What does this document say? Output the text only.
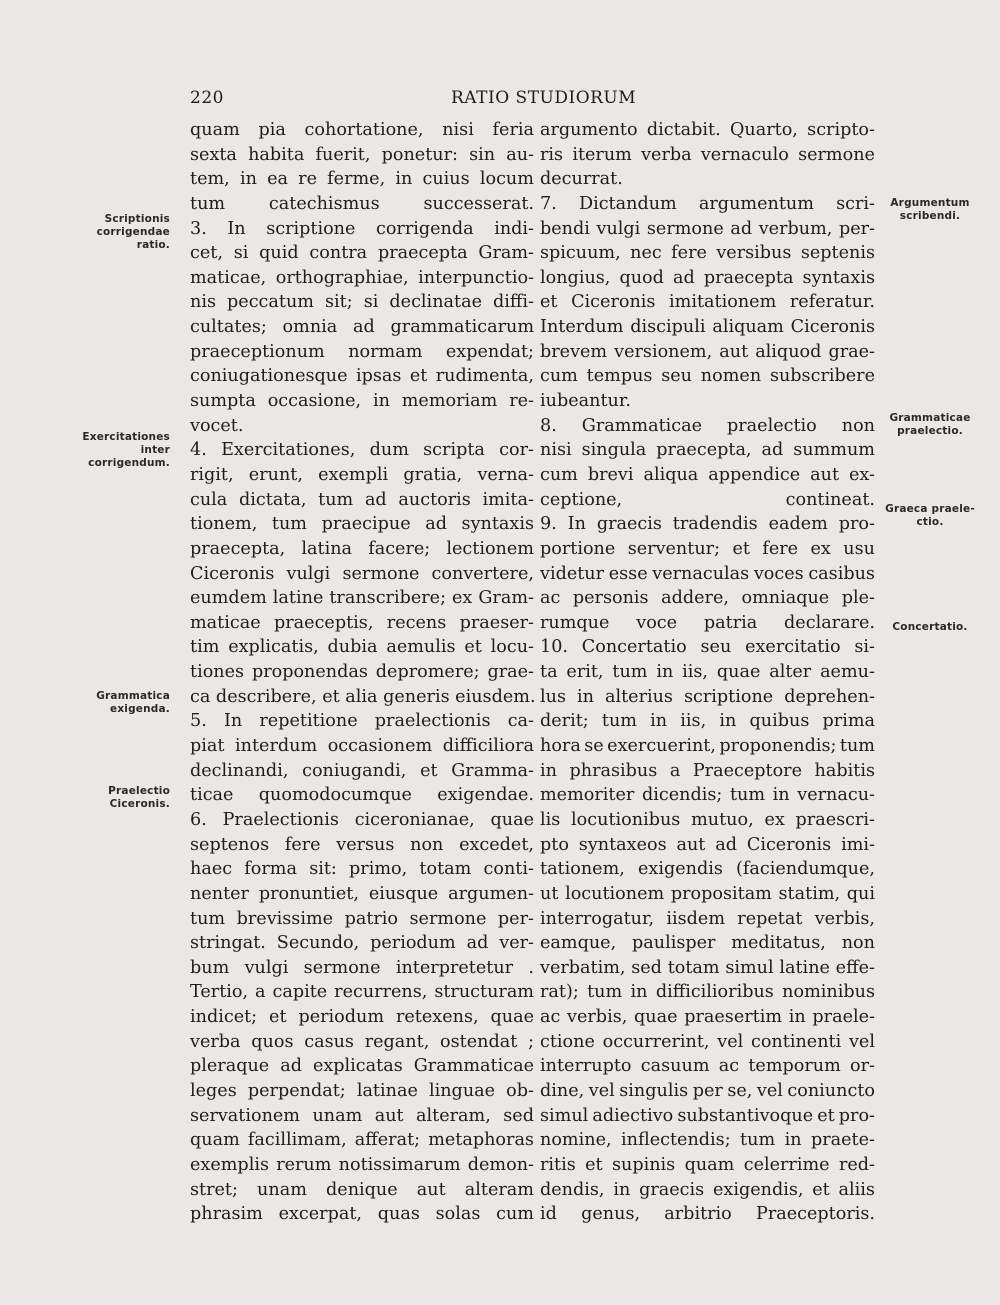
220	RATIO STUDIORUM
quam pia cohortatione, nisi feria
sexta habita fuerit, ponetur: sin au-
tem, in ea re ferme, in cuius locum
tum catechismus successerat.
3. In scriptione corrigenda indi-
cet, si quid contra praecepta Gram-
maticae, orthographiae, interpunctio-
nis peccatum sit; si declinatae diffi-
cultates; omnia ad grammaticarum
praeceptionum normam expendat;
coniugationesque ipsas et rudimenta,
sumpta occasione, in memoriam re-
vocet.
4. Exercitationes, dum scripta cor-
rigit, erunt, exempli gratia, verna-
cula dictata, tum ad auctoris imita-
tionem, tum praecipue ad syntaxis
praecepta, latina facere; lectionem
Ciceronis vulgi sermone convertere,
eumdem latine transcribere; ex Gram-
maticae praeceptis, recens praeser-
tim explicatis, dubia aemulis et locu-
tiones proponendas depromere; grae-
ca describere, et alia generis eiusdem.
5. In repetitione praelectionis ca-
piat interdum occasionem difficiliora
declinandi, coniugandi, et Gramma-
ticae quomodocumque exigendae.
6. Praelectionis ciceronianae, quae
septenos fere versus non excedet,
haec forma sit: primo, totam conti-
nenter pronuntiet, eiusque argumen-
tum brevissime patrio sermone per-
stringat. Secundo, periodum ad ver-
bum vulgi sermone interpretetur .
Tertio, a capite recurrens, structuram
indicet; et periodum retexens, quae
verba quos casus regant, ostendat ;
pleraque ad explicatas Grammaticae
leges perpendat; latinae linguae ob-
servationem unam aut alteram, sed
quam facillimam, afferat; metaphoras
exemplis rerum notissimarum demon-
stret; unam denique aut alteram
phrasim excerpat, quas solas cum
argumento dictabit. Quarto, scripto-
ris iterum verba vernaculo sermone
decurrat.
7. Dictandum argumentum scri-
bendi vulgi sermone ad verbum, per-
spicuum, nec fere versibus septenis
longius, quod ad praecepta syntaxis
et Ciceronis imitationem referatur.
Interdum discipuli aliquam Ciceronis
brevem versionem, aut aliquod grae-
cum tempus seu nomen subscribere
iubeantur.
8. Grammaticae praelectio non
nisi singula praecepta, ad summum
cum brevi aliqua appendice aut ex-
ceptione, contineat.
9. In graecis tradendis eadem pro-
portione serventur; et fere ex usu
videtur esse vernaculas voces casibus
ac personis addere, omniaque ple-
rumque voce patria declarare.
10. Concertatio seu exercitatio si-
ta erit, tum in iis, quae alter aemu-
lus in alterius scriptione deprehen-
derit; tum in iis, in quibus prima
hora se exercuerint, proponendis; tum
in phrasibus a Praeceptore habitis
memoriter dicendis; tum in vernacu-
lis locutionibus mutuo, ex praescri-
pto syntaxeos aut ad Ciceronis imi-
tationem, exigendis (faciendumque,
ut locutionem propositam statim, qui
interrogatur, iisdem repetat verbis,
eamque, paulisper meditatus, non
verbatim, sed totam simul latine effe-
rat); tum in difficilioribus nominibus
ac verbis, quae praesertim in praele-
ctione occurrerint, vel continenti vel
interrupto casuum ac temporum or-
dine, vel singulis per se, vel coniuncto
simul adiectivo substantivoque et pro-
nomine, inflectendis; tum in praete-
ritis et supinis quam celerrime red-
dendis, in graecis exigendis, et aliis
id genus, arbitrio Praeceptoris.
Scriptionis
corrigendae
ratio.
Exercitationes
inter
corrigendum.
Grammatica
exigenda.
Praelectio
Ciceronis.
Argumentum
scribendi.
Grammaticae
praelectio.
Graeca praele-
ctio.
Concertatio.
